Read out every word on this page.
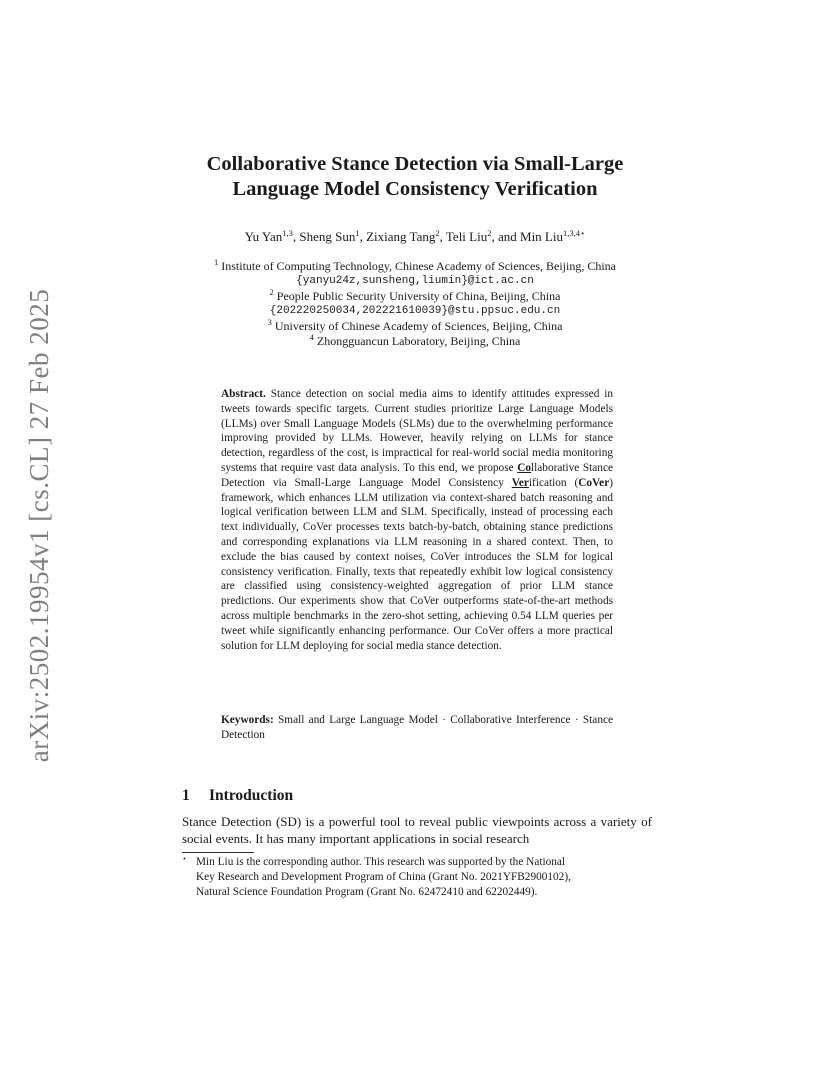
arXiv:2502.19954v1 [cs.CL] 27 Feb 2025
Collaborative Stance Detection via Small-Large
Language Model Consistency Verification
Yu Yan$^{1,3}$, Sheng Sun$^1$, Zixiang Tang$^2$, Teli Liu$^2$, and Min Liu$^{1,3,4⋆}$
$^1$ Institute of Computing Technology, Chinese Academy of Sciences, Beijing, China
{yanyu24z,sunsheng,liumin}@ict.ac.cn
$^2$ People Public Security University of China, Beijing, China
{202220250034,202221610039}@stu.ppsuc.edu.cn
$^3$ University of Chinese Academy of Sciences, Beijing, China
$^4$ Zhongguancun Laboratory, Beijing, China
Abstract. Stance detection on social media aims to identify attitudes expressed in tweets towards specific targets. Current studies prioritize Large Language Models (LLMs) over Small Language Models (SLMs) due to the overwhelming performance improving provided by LLMs. However, heavily relying on LLMs for stance detection, regardless of the cost, is impractical for real-world social media monitoring systems that require vast data analysis. To this end, we propose Collaborative Stance Detection via Small-Large Language Model Consistency Verification (CoVer) framework, which enhances LLM utilization via context-shared batch reasoning and logical verification between LLM and SLM. Specifically, instead of processing each text individually, CoVer processes texts batch-by-batch, obtaining stance predictions and corresponding explanations via LLM reasoning in a shared context. Then, to exclude the bias caused by context noises, CoVer introduces the SLM for logical consistency verification. Finally, texts that repeatedly exhibit low logical consistency are classified using consistency-weighted aggregation of prior LLM stance predictions. Our experiments show that CoVer outperforms state-of-the-art methods across multiple benchmarks in the zero-shot setting, achieving 0.54 LLM queries per tweet while significantly enhancing performance. Our CoVer offers a more practical solution for LLM deploying for social media stance detection.
Keywords: Small and Large Language Model · Collaborative Interference · Stance Detection
1 Introduction
Stance Detection (SD) is a powerful tool to reveal public viewpoints across a variety of social events. It has many important applications in social research
⋆ Min Liu is the corresponding author. This research was supported by the National
Key Research and Development Program of China (Grant No. 2021YFB2900102),
Natural Science Foundation Program (Grant No. 62472410 and 62202449).
